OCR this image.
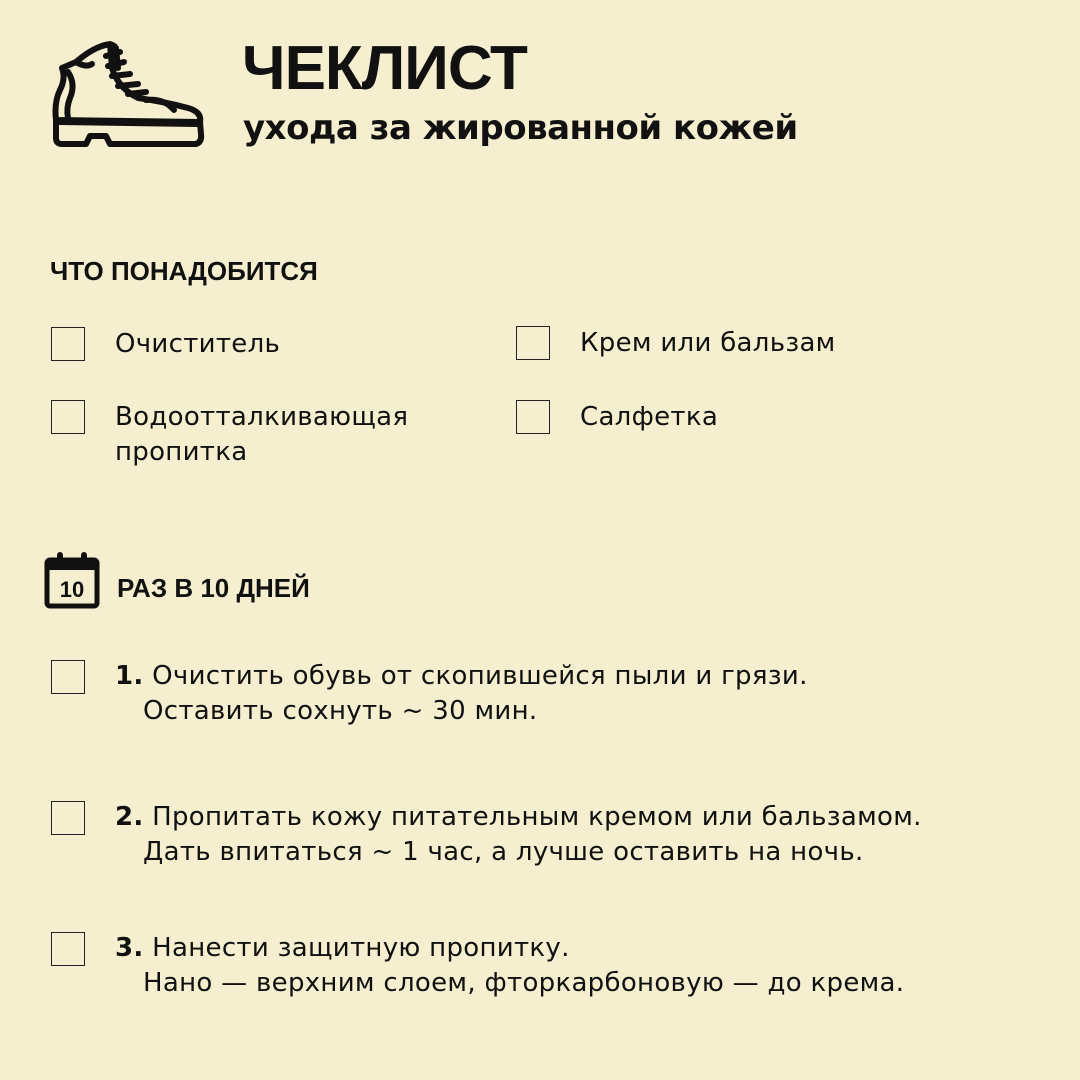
ЧЕКЛИСТ
ухода за жированной кожей
ЧТО ПОНАДОБИТСЯ

Очиститель	Крем или бальзам

Водоотталкивающая
пропитка

Салфетка

10 РАЗ В 10 ДНЕЙ

1. Очистить обувь от скопившейся пыли и грязи.
Оставить сохнуть ~ 30 мин.

2. Пропитать кожу питательным кремом или бальзамом.
Дать впитаться ~ 1 час, а лучше оставить на ночь.

3. Нанести защитную пропитку.
Нано — верхним слоем, фторкарбоновую — до крема.
